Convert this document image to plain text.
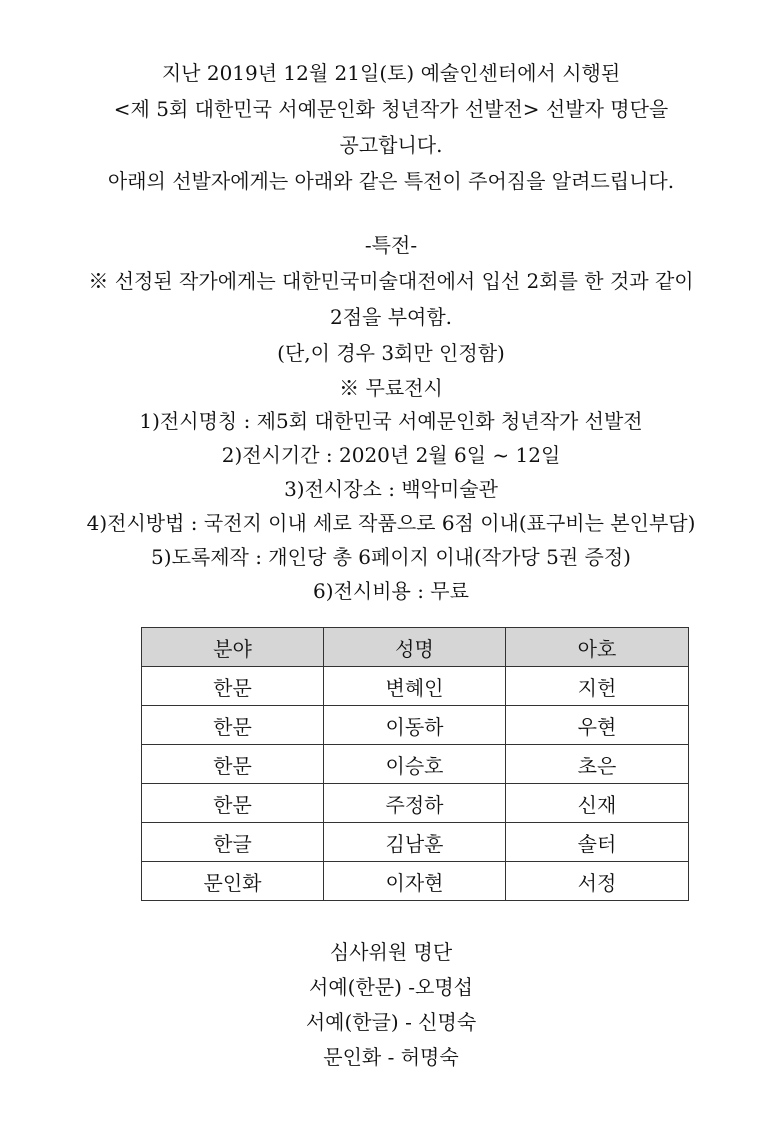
지난 2019년 12월 21일(토) 예술인센터에서 시행된
<제 5회 대한민국 서예문인화 청년작가 선발전> 선발자 명단을
공고합니다.
아래의 선발자에게는 아래와 같은 특전이 주어짐을 알려드립니다.
-특전-
※ 선정된 작가에게는 대한민국미술대전에서 입선 2회를 한 것과 같이
2점을 부여함.
(단,이 경우 3회만 인정함)
※ 무료전시
1)전시명칭 : 제5회 대한민국 서예문인화 청년작가 선발전
2)전시기간 : 2020년 2월 6일 ~ 12일
3)전시장소 : 백악미술관
4)전시방법 : 국전지 이내 세로 작품으로 6점 이내(표구비는 본인부담)
5)도록제작 : 개인당 총 6페이지 이내(작가당 5권 증정)
6)전시비용 : 무료
분야	성명	아호
한문	변혜인	지헌
한문	이동하	우현
한문	이승호	초은
한문	주정하	신재
한글	김남훈	솔터
문인화	이자현	서정
심사위원 명단
서예(한문) -오명섭
서예(한글) - 신명숙
문인화 - 허명숙
